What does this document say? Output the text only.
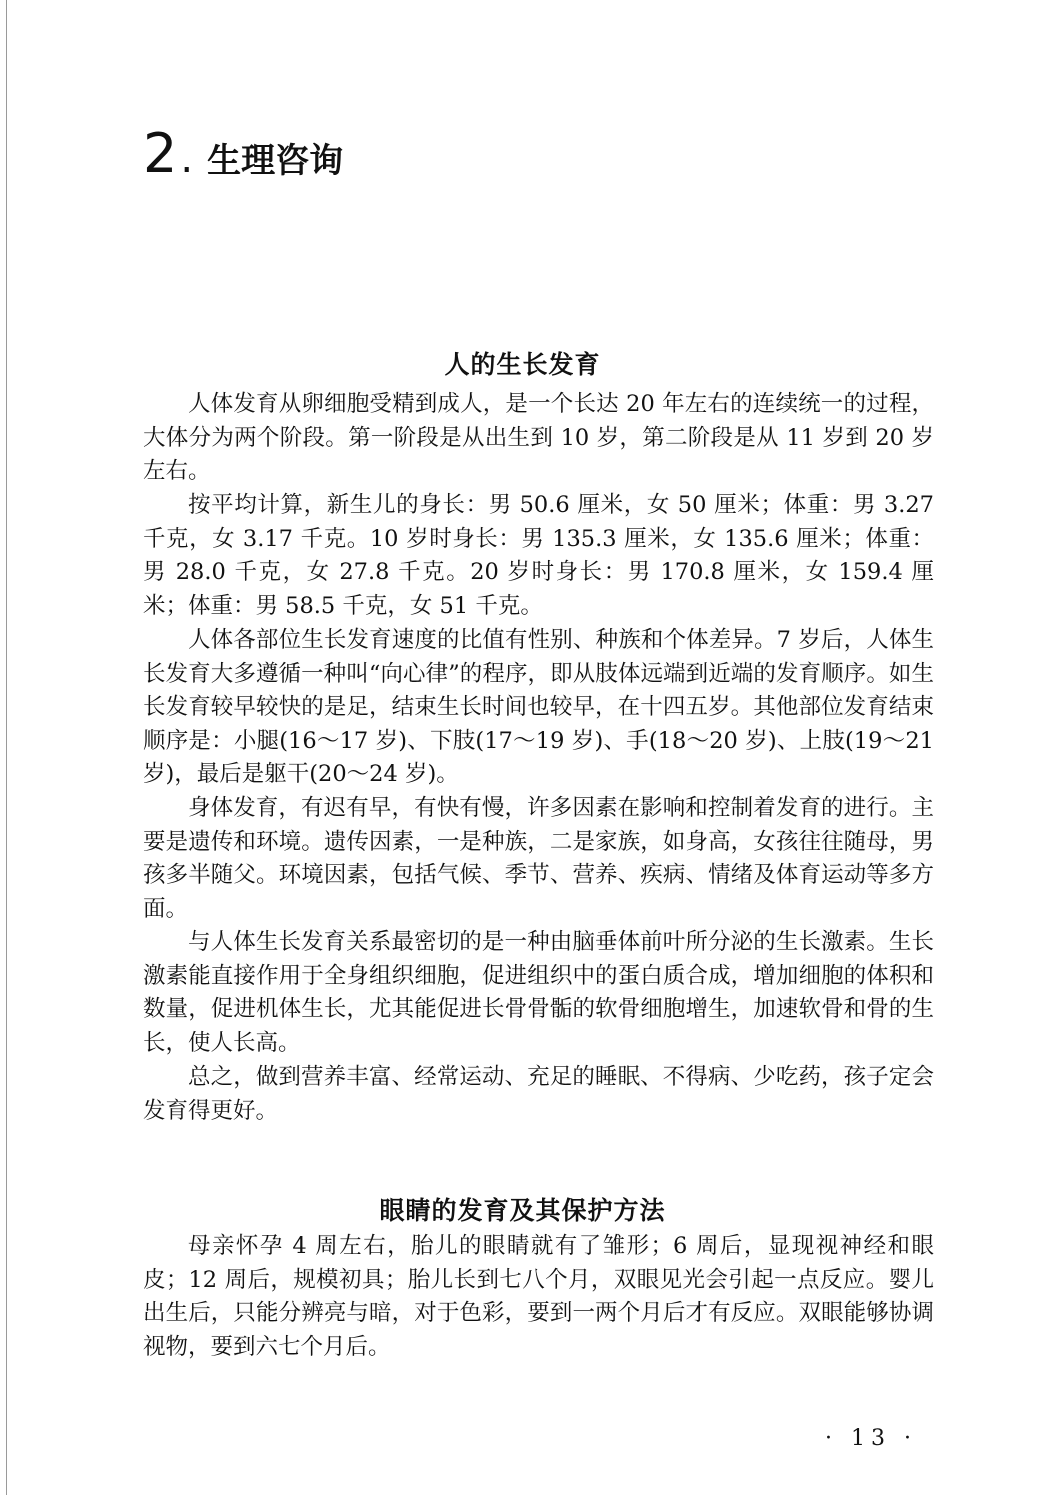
2 . 生理咨询
人的生长发育

人体发育从卵细胞受精到成人，是一个长达 20 年左右的连续统一的过程，大体分为两个阶段。第一阶段是从出生到 10 岁，第二阶段是从 11 岁到 20 岁左右。

按平均计算，新生儿的身长：男 50.6 厘米，女 50 厘米；体重：男 3.27 千克，女 3.17 千克。10 岁时身长：男 135.3 厘米，女 135.6 厘米；体重：男 28.0 千克，女 27.8 千克。20 岁时身长：男 170.8 厘米，女 159.4 厘米；体重：男 58.5 千克，女 51 千克。

人体各部位生长发育速度的比值有性别、种族和个体差异。7 岁后，人体生长发育大多遵循一种叫“向心律”的程序，即从肢体远端到近端的发育顺序。如生长发育较早较快的是足，结束生长时间也较早，在十四五岁。其他部位发育结束顺序是：小腿(16～17 岁)、下肢(17～19 岁)、手(18～20 岁)、上肢(19～21 岁)，最后是躯干(20～24 岁)。

身体发育，有迟有早，有快有慢，许多因素在影响和控制着发育的进行。主要是遗传和环境。遗传因素，一是种族，二是家族，如身高，女孩往往随母，男孩多半随父。环境因素，包括气候、季节、营养、疾病、情绪及体育运动等多方面。

与人体生长发育关系最密切的是一种由脑垂体前叶所分泌的生长激素。生长激素能直接作用于全身组织细胞，促进组织中的蛋白质合成，增加细胞的体积和数量，促进机体生长，尤其能促进长骨骨骺的软骨细胞增生，加速软骨和骨的生长，使人长高。

总之，做到营养丰富、经常运动、充足的睡眠、不得病、少吃药，孩子定会发育得更好。

眼睛的发育及其保护方法

母亲怀孕 4 周左右，胎儿的眼睛就有了雏形；6 周后，显现视神经和眼皮；12 周后，规模初具；胎儿长到七八个月，双眼见光会引起一点反应。婴儿出生后，只能分辨亮与暗，对于色彩，要到一两个月后才有反应。双眼能够协调视物，要到六七个月后。

· 13 ·
